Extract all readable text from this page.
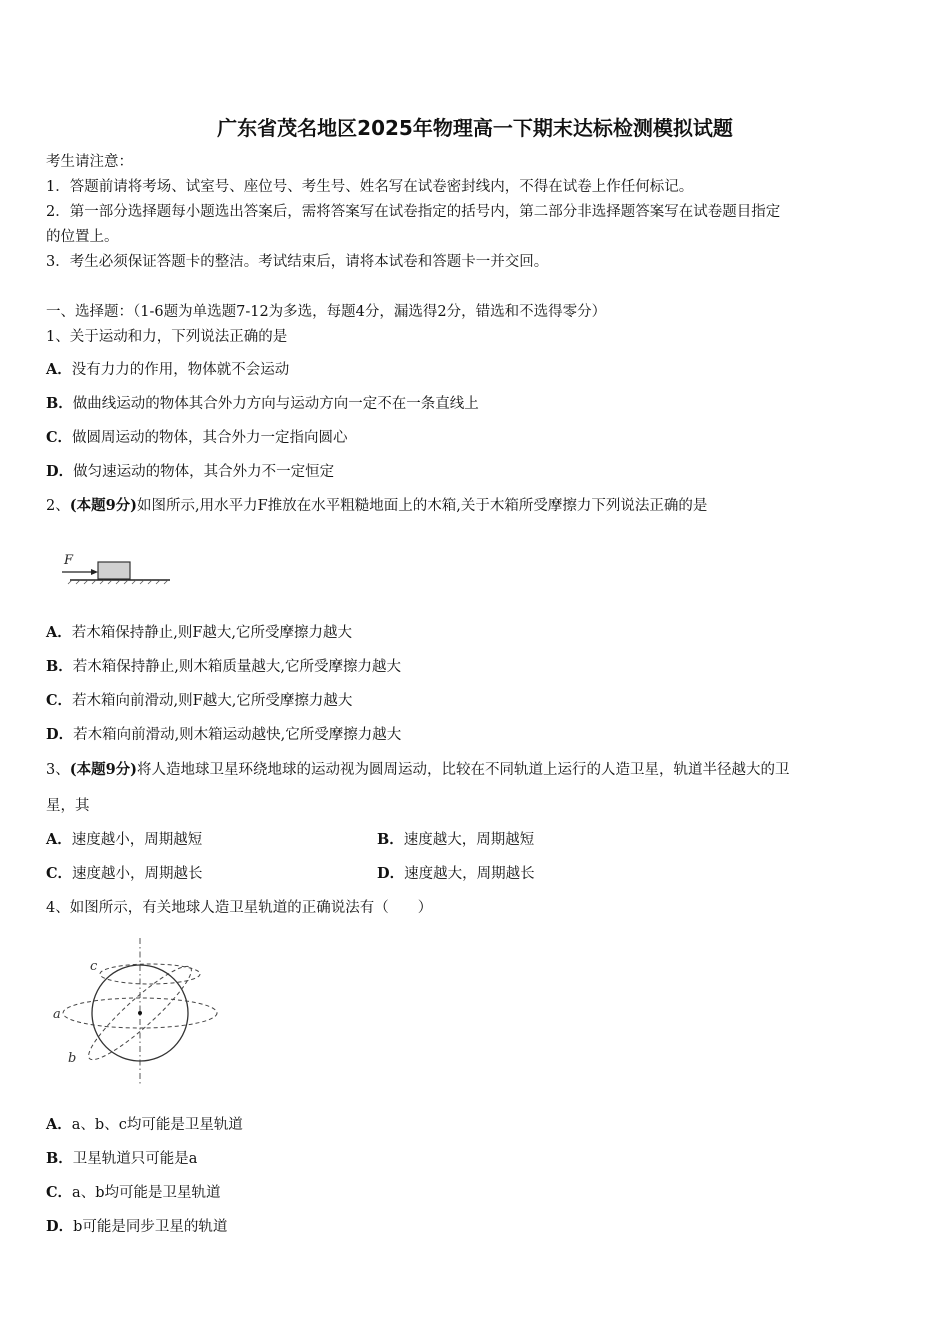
广东省茂名地区2025年物理高一下期末达标检测模拟试题
考生请注意：
1．答题前请将考场、试室号、座位号、考生号、姓名写在试卷密封线内，不得在试卷上作任何标记。
2．第一部分选择题每小题选出答案后，需将答案写在试卷指定的括号内，第二部分非选择题答案写在试卷题目指定
的位置上。
3．考生必须保证答题卡的整洁。考试结束后，请将本试卷和答题卡一并交回。
一、选择题：（1-6题为单选题7-12为多选，每题4分，漏选得2分，错选和不选得零分）
1、关于运动和力，下列说法正确的是
A．没有力力的作用，物体就不会运动
B．做曲线运动的物体其合外力方向与运动方向一定不在一条直线上
C．做圆周运动的物体，其合外力一定指向圆心
D．做匀速运动的物体，其合外力不一定恒定
2、(本题9分)如图所示,用水平力F推放在水平粗糙地面上的木箱,关于木箱所受摩擦力下列说法正确的是
F
A．若木箱保持静止,则F越大,它所受摩擦力越大
B．若木箱保持静止,则木箱质量越大,它所受摩擦力越大
C．若木箱向前滑动,则F越大,它所受摩擦力越大
D．若木箱向前滑动,则木箱运动越快,它所受摩擦力越大
3、(本题9分)将人造地球卫星环绕地球的运动视为圆周运动，比较在不同轨道上运行的人造卫星，轨道半径越大的卫
星，其
A．速度越小，周期越短	B．速度越大，周期越短
C．速度越小，周期越长	D．速度越大，周期越长
4、如图所示，有关地球人造卫星轨道的正确说法有（　　）
a
b
c
A．a、b、c均可能是卫星轨道
B．卫星轨道只可能是a
C．a、b均可能是卫星轨道
D．b可能是同步卫星的轨道
